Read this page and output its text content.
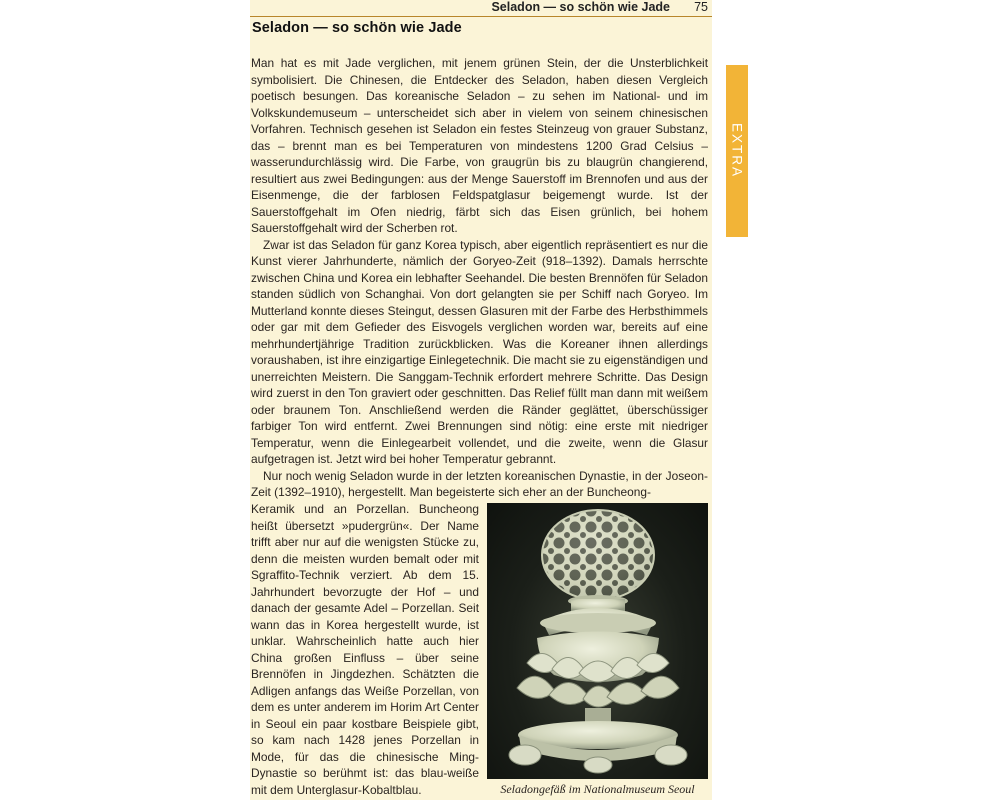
Seladon — so schön wie Jade 75
Seladon — so schön wie Jade

Man hat es mit Jade verglichen, mit jenem grünen Stein, der die Unsterblichkeit symbolisiert. Die Chinesen, die Entdecker des Seladon, haben diesen Vergleich poetisch besungen. Das koreanische Seladon – zu sehen im National- und im Volkskundemuseum – unterscheidet sich aber in vielem von seinem chinesischen Vorfahren. Technisch gesehen ist Seladon ein festes Steinzeug von grauer Substanz, das – brennt man es bei Temperaturen von mindestens 1200 Grad Celsius – wasserundurchlässig wird. Die Farbe, von graugrün bis zu blaugrün changierend, resultiert aus zwei Bedingungen: aus der Menge Sauerstoff im Brennofen und aus der Eisenmenge, die der farblosen Feldspatglasur beigemengt wurde. Ist der Sauerstoffgehalt im Ofen niedrig, färbt sich das Eisen grünlich, bei hohem Sauerstoffgehalt wird der Scherben rot.

Zwar ist das Seladon für ganz Korea typisch, aber eigentlich repräsentiert es nur die Kunst vierer Jahrhunderte, nämlich der Goryeo-Zeit (918–1392). Damals herrschte zwischen China und Korea ein lebhafter Seehandel. Die besten Brennöfen für Seladon standen südlich von Schanghai. Von dort gelangten sie per Schiff nach Goryeo. Im Mutterland konnte dieses Steingut, dessen Glasuren mit der Farbe des Herbsthimmels oder gar mit dem Gefieder des Eisvogels verglichen worden war, bereits auf eine mehrhundertjährige Tradition zurückblicken. Was die Koreaner ihnen allerdings voraushaben, ist ihre einzigartige Einlegetechnik. Die macht sie zu eigenständigen und unerreichten Meistern. Die Sanggam-Technik erfordert mehrere Schritte. Das Design wird zuerst in den Ton graviert oder geschnitten. Das Relief füllt man dann mit weißem oder braunem Ton. Anschließend werden die Ränder geglättet, überschüssiger farbiger Ton wird entfernt. Zwei Brennungen sind nötig: eine erste mit niedriger Temperatur, wenn die Einlegearbeit vollendet, und die zweite, wenn die Glasur aufgetragen ist. Jetzt wird bei hoher Temperatur gebrannt.

Nur noch wenig Seladon wurde in der letzten koreanischen Dynastie, in der Joseon-Zeit (1392–1910), hergestellt. Man begeisterte sich eher an der Buncheong-

Keramik und an Porzellan. Buncheong heißt übersetzt »pudergrün«. Der Name trifft aber nur auf die wenigsten Stücke zu, denn die meisten wurden bemalt oder mit Sgraffito-Technik verziert. Ab dem 15. Jahrhundert bevorzugte der Hof – und danach der gesamte Adel – Porzellan. Seit wann das in Korea hergestellt wurde, ist unklar. Wahrscheinlich hatte auch hier China großen Einfluss – über seine Brennöfen in Jingdezhen. Schätzten die Adligen anfangs das Weiße Porzellan, von dem es unter anderem im Horim Art Center in Seoul ein paar kostbare Beispiele gibt, so kam nach 1428 jenes Porzellan in Mode, für das die chinesische Ming-Dynastie so berühmt ist: das blau-weiße mit dem Unterglasur-Kobaltblau.	Seladongefäß im Nationalmuseum Seoul
EXTRA
